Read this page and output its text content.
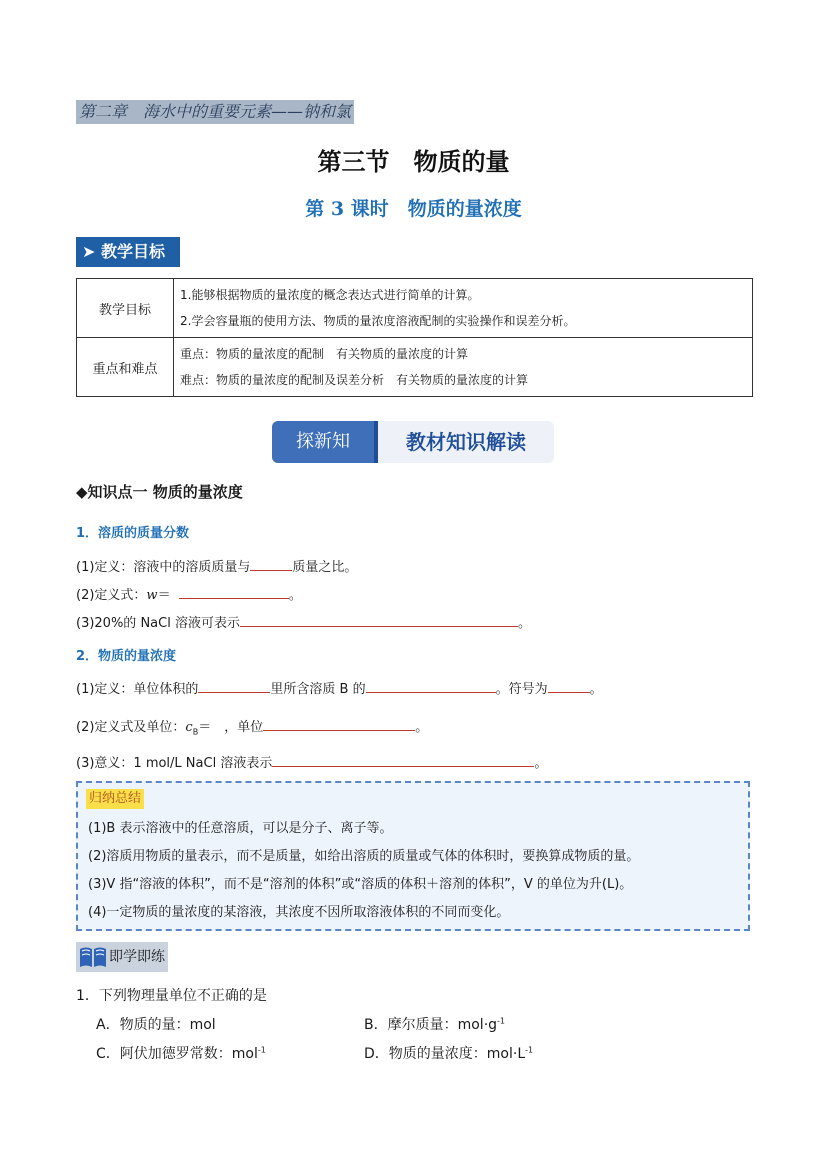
第二章　海水中的重要元素——钠和氯
第三节　物质的量
第 3 课时　物质的量浓度
➤ 教学目标
教学目标	1.能够根据物质的量浓度的概念表达式进行简单的计算。
2.学会容量瓶的使用方法、物质的量浓度溶液配制的实验操作和误差分析。

重点和难点	重点：物质的量浓度的配制　有关物质的量浓度的计算
难点：物质的量浓度的配制及误差分析　有关物质的量浓度的计算
探新知	教材知识解读
◆知识点一 物质的量浓度
1．溶质的质量分数
(1)定义：溶液中的溶质质量与	质量之比。
(2)定义式：w＝	。
(3)20%的 NaCl 溶液可表示	。
2．物质的量浓度
(1)定义：单位体积的	里所含溶质 B 的	。符号为	。
(2)定义式及单位：$c_B=$　，单位	。
(3)意义：1 mol/L NaCl 溶液表示	。
归纳总结
(1)B 表示溶液中的任意溶质，可以是分子、离子等。
(2)溶质用物质的量表示，而不是质量，如给出溶质的质量或气体的体积时，要换算成物质的量。
(3)V 指“溶液的体积”，而不是“溶剂的体积”或“溶质的体积＋溶剂的体积”，V 的单位为升(L)。
(4)一定物质的量浓度的某溶液，其浓度不因所取溶液体积的不同而变化。
即学即练
1．下列物理量单位不正确的是
A．物质的量：mol	B．摩尔质量：$mol\cdot g^{-1}$
C．阿伏加德罗常数：mol$^{-1}$	D．物质的量浓度：$mol\cdot L^{-1}$
